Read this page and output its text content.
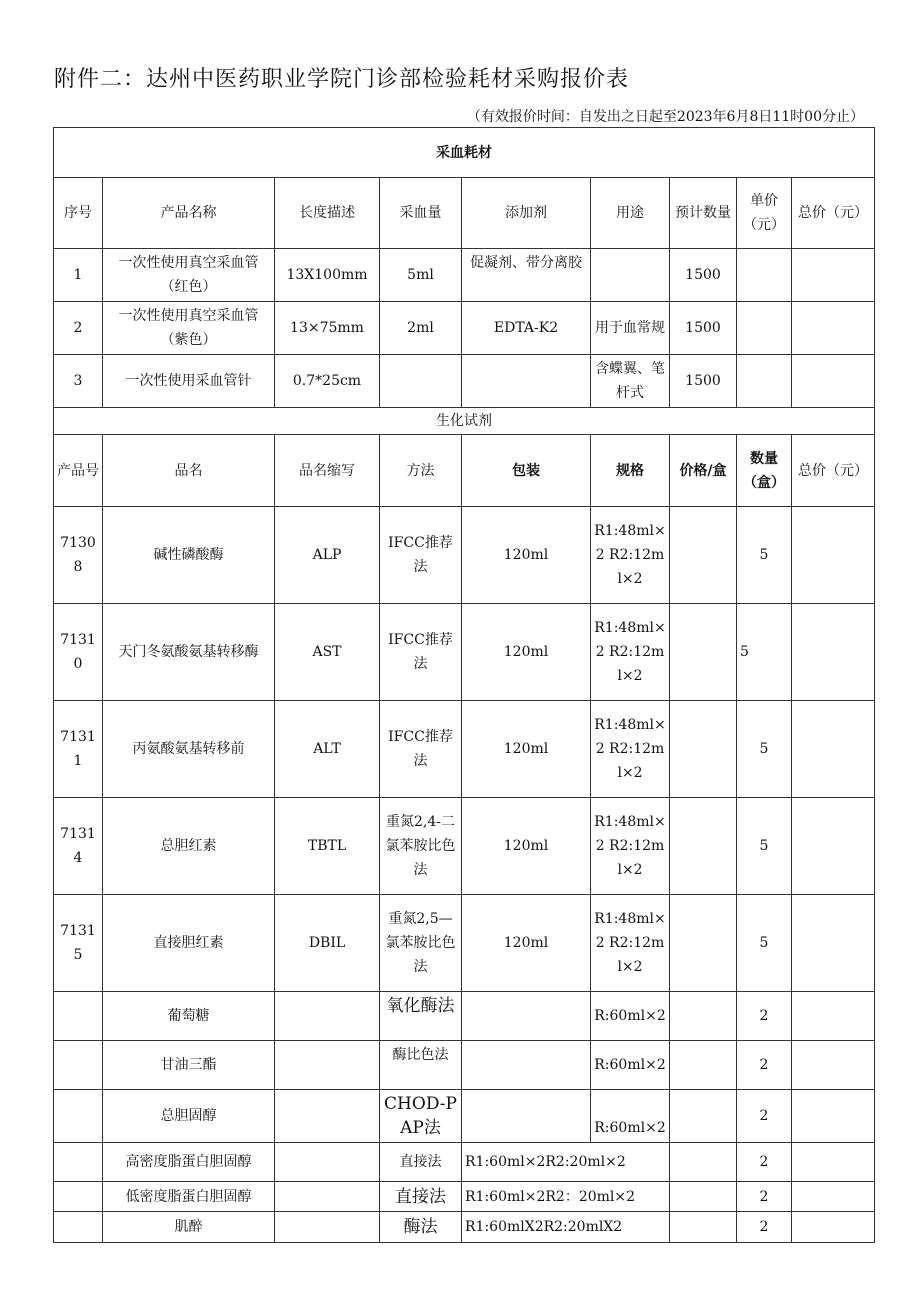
附件二：达州中医药职业学院门诊部检验耗材采购报价表
（有效报价时间：自发出之日起至2023年6月8日11时00分止）
采血耗材								
序号	产品名称	长度描述	采血量	添加剂	用途	预计数量	单价（元）	总价（元）
1	一次性使用真空采血管（红色）	13X100mm	5ml	促凝剂、带分离胶		1500		
2	一次性使用真空采血管（紫色）	13×75mm	2ml	EDTA-K2	用于血常规	1500		
3	一次性使用采血管针	0.7*25cm			含蝶翼、笔杆式	1500		
生化试剂								
产品号	品名	品名缩写	方法	包装	规格	价格/盒	数量（盒）	总价（元）
71308	碱性磷酸酶	ALP	IFCC推荐法	120ml	R1:48ml×2 R2:12ml×2		5	
71310	天门冬氨酸氨基转移酶	AST	IFCC推荐法	120ml	R1:48ml×2 R2:12ml×2		5	
71311	丙氨酸氨基转移前	ALT	IFCC推荐法	120ml	R1:48ml×2 R2:12ml×2		5	
71314	总胆红素	TBTL	重氮2,4-二氯苯胺比色法	120ml	R1:48ml×2 R2:12ml×2		5	
71315	直接胆红素	DBIL	重氮2,5—氯苯胺比色法	120ml	R1:48ml×2 R2:12ml×2		5	
	葡萄糖		氧化酶法		R:60ml×2		2	
	甘油三酯		酶比色法		R:60ml×2		2	
	总胆固醇		CHOD-PAP法		R:60ml×2		2	
	高密度脂蛋白胆固醇		直接法	R1:60ml×2R2:20ml×2			2	
	低密度脂蛋白胆固醇		直接法	R1:60ml×2R2：20ml×2			2	
	肌醉		酶法	R1:60mlX2R2:20mlX2			2	
